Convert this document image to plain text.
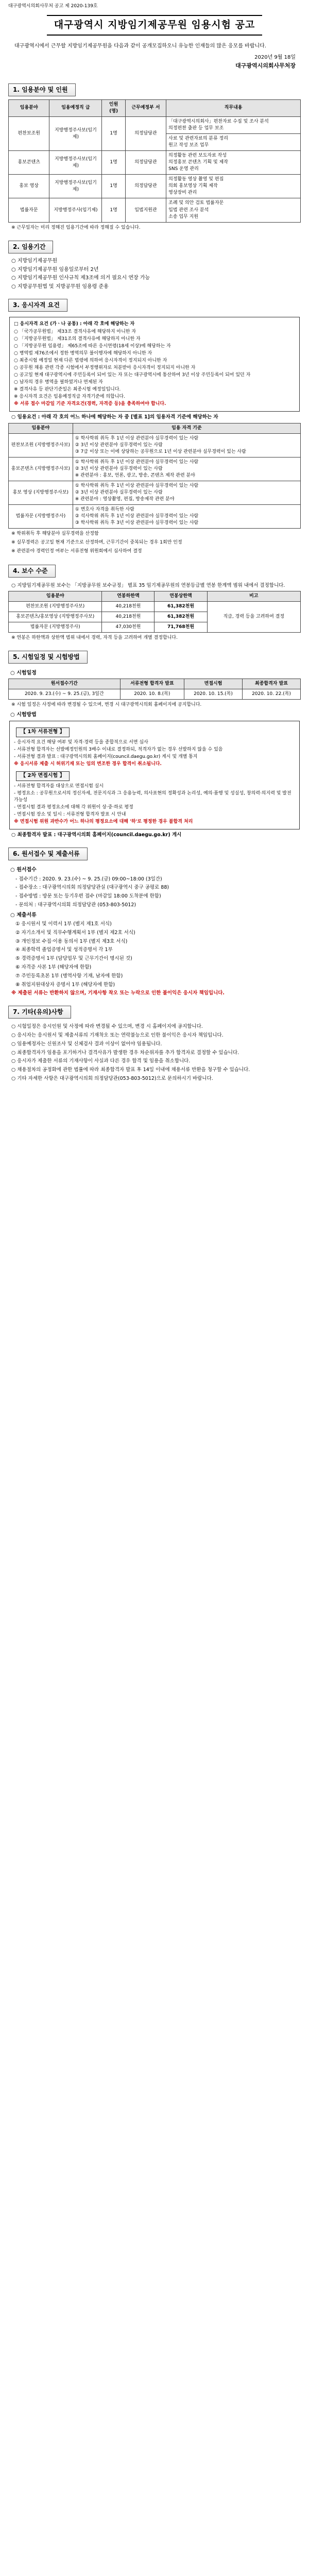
대구광역시의회사무처 공고 제 2020-139호
대구광역시 지방임기제공무원 임용시험 공고
대구광역시에서 근무할 지방임기제공무원을 다음과 같이 공개모집하오니 유능한 인재들의 많은 응모를 바랍니다.
2020년 9월 18일
대구광역시의회사무처장
1. 임용분야 및 인원
임용분야	임용예정직 급	인원 (명)	근무예정부 서	직무내용
편찬보조원	지방행정주사보(임기제)	1명	의정담당관	「대구광역시의회사」편찬자료 수집 및 조사 분석
의정편찬 출판 등 업무 보조

				사료 및 관련자료의 분류 정리
원고 작성 보조 업무

홍보콘텐츠	지방행정주사보(임기제)	1명	의정담당관	의정활동 관련 보도자료 작성
의정홍보 콘텐츠 기획 및 제작
SNS 운영 관리

홍보 영상	지방행정주사보(임기제)	1명	의정담당관	의정활동 영상 촬영 및 편집
의회 홍보영상 기획 제작
영상장비 관리

법률자문	지방행정주사(임기제)	1명	입법지원관	조례 및 의안 검토 법률자문
입법 관련 조사 분석
소송 업무 지원
※ 근무일자는 미리 정해진 임용기간에 따라 정해질 수 있습니다.
2. 임용기간
○ 지방임기제공무원
○ 지방임기제공무원 임용일로부터 2년
○ 지방임기제공무원 인사규칙 제3조에 의거 필요시 연장 가능
○ 지방공무원법 및 지방공무원 임용령 준용
3. 응시자격 요건
□ 응시자격 요건 (가ㆍ나 공통) : 아래 각 호에 해당하는 자
○ 「국가공무원법」 제33조 결격사유에 해당하지 아니한 자
○ 「지방공무원법」 제31조의 결격사유에 해당하지 아니한 자
○ 「지방공무원 임용령」 제65조에 따른 응시연령(18세 이상)에 해당하는 자
○ 병역법 제76조에서 정한 병역의무 불이행자에 해당하지 아니한 자
○ 최종시험 예정일 현재 다른 법령에 의하여 응시자격이 정지되지 아니한 자
○ 공무원 채용 관련 각종 시험에서 부정행위자로 처분받아 응시자격이 정지되지 아니한 자
○ 공고일 현재 대구광역시에 주민등록이 되어 있는 자 또는 대구광역시에 통산하여 3년 이상 주민등록이 되어 있던 자
○ 남자의 경우 병역을 필하였거나 면제된 자
※ 결격사유 등 판단기준일은 최종시험 예정일입니다.
※ 응시자격 요건은 임용예정직급 자격기준에 의합니다.
※ 서류 접수 마감일 기준 자격요건(경력, 자격증 등)을 충족하여야 합니다.
○ 임용요건 : 아래 각 호의 어느 하나에 해당하는 자 중 [별표 1]의 임용자격 기준에 해당하는 자
임용분야	임용 자격 기준
편찬보조원 (지방행정주사보)	① 학사학위 취득 후 1년 이상 관련분야 실무경력이 있는 사람
② 3년 이상 관련분야 실무경력이 있는 사람
③ 7급 이상 또는 이에 상당하는 공무원으로 1년 이상 관련분야 실무경력이 있는 사람

홍보콘텐츠 (지방행정주사보)	① 학사학위 취득 후 1년 이상 관련분야 실무경력이 있는 사람
② 3년 이상 관련분야 실무경력이 있는 사람
※ 관련분야 : 홍보, 언론, 광고, 방송, 콘텐츠 제작 관련 분야

홍보 영상 (지방행정주사보)	① 학사학위 취득 후 1년 이상 관련분야 실무경력이 있는 사람
② 3년 이상 관련분야 실무경력이 있는 사람
※ 관련분야 : 영상촬영, 편집, 방송제작 관련 분야

법률자문 (지방행정주사)	① 변호사 자격을 취득한 사람
② 석사학위 취득 후 1년 이상 관련분야 실무경력이 있는 사람
③ 학사학위 취득 후 3년 이상 관련분야 실무경력이 있는 사람
※ 학위취득 후 해당분야 실무경력을 산정함
※ 실무경력은 공고일 현재 기준으로 산정하며, 근무기간이 중복되는 경우 1회만 인정
※ 관련분야 경력인정 여부는 서류전형 위원회에서 심사하여 결정
4. 보수 수준
○ 지방임기제공무원 보수는 「지방공무원 보수규정」 별표 35 임기제공무원의 연봉등급별 연봉 한계액 범위 내에서 결정합니다.
임용분야	연봉하한액	연봉상한액	비고
편찬보조원 (지방행정주사보)	40,218천원	61,382천원	직급, 경력 등을 고려하여 결정
홍보콘텐츠/홍보영상 (지방행정주사보)	40,218천원	61,382천원	
법률자문 (지방행정주사)	47,030천원	71,768천원	
※ 연봉은 하한액과 상한액 범위 내에서 경력, 자격 등을 고려하여 개별 결정합니다.
5. 시험일정 및 시험방법
○ 시험일정
원서접수기간	서류전형 합격자 발표	면접시험	최종합격자 발표
2020. 9. 23.(수) ~ 9. 25.(금), 3일간	2020. 10. 8.(목)	2020. 10. 15.(목)	2020. 10. 22.(목)
※ 시험 일정은 사정에 따라 변경될 수 있으며, 변경 시 대구광역시의회 홈페이지에 공지합니다.
○ 시험방법
【 1차 서류전형 】
- 응시자격 요건 해당 여부 및 자격·경력 등을 종합적으로 서면 심사
- 서류전형 합격자는 선발예정인원의 3배수 이내로 결정하되, 적격자가 없는 경우 선발하지 않을 수 있음
- 서류전형 결과 발표 : 대구광역시의회 홈페이지(council.daegu.go.kr) 게시 및 개별 통지
※ 응시서류 제출 시 허위기재 또는 임의 변조한 경우 합격이 취소됩니다.
【 2차 면접시험 】
- 서류전형 합격자를 대상으로 면접시험 실시
- 평정요소 : 공무원으로서의 정신자세, 전문지식과 그 응용능력, 의사표현의 정확성과 논리성, 예의·품행 및 성실성, 창의력·의지력 및 발전가능성
- 면접시험 결과 평정요소에 대해 각 위원이 상·중·하로 평정
- 면접시험 장소 및 일시 : 서류전형 합격자 발표 시 안내
※ 면접시험 위원 과반수가 어느 하나의 평정요소에 대해 '하'로 평정한 경우 불합격 처리
○ 최종합격자 발표 : 대구광역시의회 홈페이지(council.daegu.go.kr) 게시
6. 원서접수 및 제출서류
○ 원서접수
- 접수기간 : 2020. 9. 23.(수) ~ 9. 25.(금) 09:00~18:00 (3일간)
- 접수장소 : 대구광역시의회 의정담당관실 (대구광역시 중구 공평로 88)
- 접수방법 : 방문 또는 등기우편 접수 (마감일 18:00 도착분에 한함)
- 문의처 : 대구광역시의회 의정담당관 (053-803-5012)
○ 제출서류
① 응시원서 및 이력서 1부 (별지 제1호 서식)
② 자기소개서 및 직무수행계획서 1부 (별지 제2호 서식)
③ 개인정보 수집·이용 동의서 1부 (별지 제3호 서식)
④ 최종학력 졸업증명서 및 성적증명서 각 1부
⑤ 경력증명서 1부 (담당업무 및 근무기간이 명시된 것)
⑥ 자격증 사본 1부 (해당자에 한함)
⑦ 주민등록초본 1부 (병역사항 기재, 남자에 한함)
⑧ 취업지원대상자 증명서 1부 (해당자에 한함)
※ 제출된 서류는 반환하지 않으며, 기재사항 착오 또는 누락으로 인한 불이익은 응시자 책임입니다.
7. 기타(유의)사항
○ 시험일정은 응시인원 및 사정에 따라 변경될 수 있으며, 변경 시 홈페이지에 공지합니다.
○ 응시자는 응시원서 및 제출서류의 기재착오 또는 연락불능으로 인한 불이익은 응시자 책임입니다.
○ 임용예정자는 신원조사 및 신체검사 결과 이상이 없어야 임용됩니다.
○ 최종합격자가 임용을 포기하거나 결격사유가 발생한 경우 차순위자를 추가 합격자로 결정할 수 있습니다.
○ 응시자가 제출한 서류의 기재사항이 사실과 다른 경우 합격 및 임용을 취소합니다.
○ 채용절차의 공정화에 관한 법률에 따라 최종합격자 발표 후 14일 이내에 채용서류 반환을 청구할 수 있습니다.
○ 기타 자세한 사항은 대구광역시의회 의정담당관(053-803-5012)으로 문의하시기 바랍니다.
